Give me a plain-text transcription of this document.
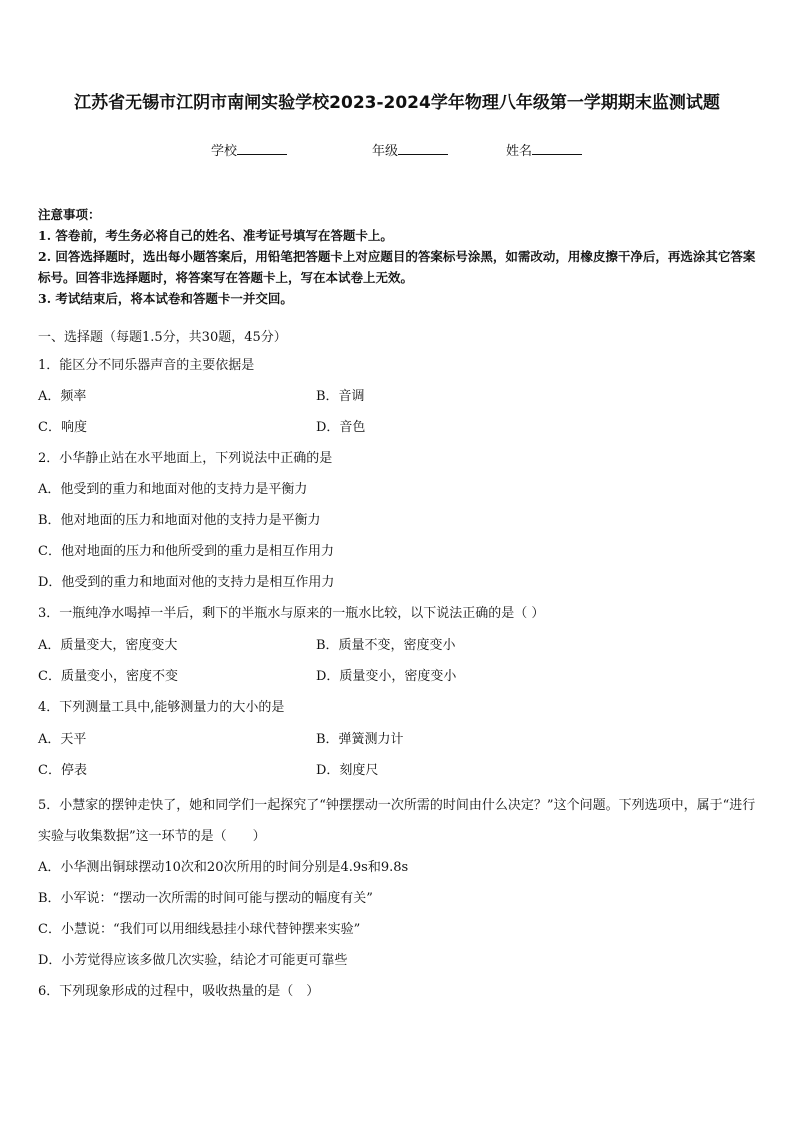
江苏省无锡市江阴市南闸实验学校2023-2024学年物理八年级第一学期期末监测试题
学校	年级	姓名
注意事项：
1. 答卷前，考生务必将自己的姓名、准考证号填写在答题卡上。
2. 回答选择题时，选出每小题答案后，用铅笔把答题卡上对应题目的答案标号涂黑，如需改动，用橡皮擦干净后，再选涂其它答案标号。回答非选择题时，将答案写在答题卡上，写在本试卷上无效。
3. 考试结束后，将本试卷和答题卡一并交回。
一、选择题（每题1.5分，共30题，45分）
1．能区分不同乐器声音的主要依据是
A．频率	B．音调
C．响度	D．音色
2．小华静止站在水平地面上，下列说法中正确的是
A．他受到的重力和地面对他的支持力是平衡力
B．他对地面的压力和地面对他的支持力是平衡力
C．他对地面的压力和他所受到的重力是相互作用力
D．他受到的重力和地面对他的支持力是相互作用力
3．一瓶纯净水喝掉一半后，剩下的半瓶水与原来的一瓶水比较，以下说法正确的是（ ）
A．质量变大，密度变大	B．质量不变，密度变小
C．质量变小，密度不变	D．质量变小，密度变小
4．下列测量工具中,能够测量力的大小的是
A．天平	B．弹簧测力计
C．停表	D．刻度尺
5．小慧家的摆钟走快了，她和同学们一起探究了“钟摆摆动一次所需的时间由什么决定？”这个问题。下列选项中，属于“进行实验与收集数据”这一环节的是（　　）
A．小华测出铜球摆动10次和20次所用的时间分别是4.9s和9.8s
B．小军说：“摆动一次所需的时间可能与摆动的幅度有关”
C．小慧说：“我们可以用细线悬挂小球代替钟摆来实验”
D．小芳觉得应该多做几次实验，结论才可能更可靠些
6．下列现象形成的过程中，吸收热量的是（　）
